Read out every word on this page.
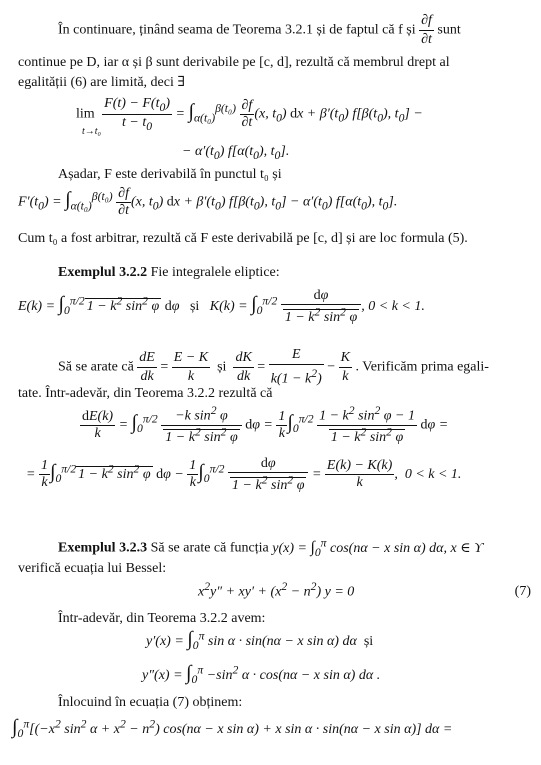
În continuare, ținând seama de Teorema 3.2.1 și de faptul că f și $\frac{\partial f}{\partial t}$ sunt
continue pe D, iar α și β sunt derivabile pe [c, d], rezultă că membrul drept al
egalității (6) are limită, deci ∃
$\lim \frac{F(t) - F(t_0)}{t - t_0} = \int_{\alpha(t_0)}^{\beta(t_0)} \frac{\partial f}{\partial t} (x$, $t_0$) dx + $\beta'(t_0)$ $f[\beta(t_0)$, $t_0$] −
t→t₀
− $\alpha'(t_0)$ $f[\alpha(t_0)$, $t_0$].
Așadar, F este derivabilă în punctul t₀ și
$F'(t_0) = \int_{\alpha(t_0)}^{\beta(t_0)} \frac{\partial f}{\partial t} (x$, $t_0$) dx + $\beta'(t_0)$ $f[\beta(t_0)$, $t_0] - \alpha'(t_0)$ $f[\alpha(t_0)$, $t_0$].
Cum t₀ a fost arbitrar, rezultă că F este derivabilă pe [c, d] și are loc formula (5).
Exemplul 3.2.2 Fie integralele eliptice:
$E(k) = \int_0^{\pi/2}$ $1 - k^2$ $\sin^2 \varphi$ dφ   și   $K(k) = \int_0^{\pi/2} \frac{d\varphi}{1 - k^2 \sin^2 \varphi}$ , 0 < k < 1.
Să se arate că $\frac{dE}{dk} = \frac{E - K}{k}$ și $\frac{dK}{dk} = \frac{E}{k(1 - k^2)} - \frac{K}{k}$ . Verificăm prima egali-
tate. Într-adevăr, din Teorema 3.2.2 rezultă că
$\frac{dE(k)}{k} = \int_0^{\pi/2} \frac{-k \sin^2 \varphi}{1 - k^2 \sin^2 \varphi}$ $d\varphi = \frac{1}{k} \int_0^{\pi/2} \frac{1 - k^2 \sin^2 \varphi - 1}{1 - k^2 \sin^2 \varphi}$ dφ =
= $\frac{1}{k} \int_0^{\pi/2}$ $1 - k^2$ $\sin^2 \varphi$ $d\varphi - \frac{1}{k} \int_0^{\pi/2} \frac{d\varphi}{1 - k^2 \sin^2 \varphi} = \frac{E(k) - K(k)}{k}$ ,  0 < k < 1.
Exemplul 3.2.3 Să se arate că funcția $y(x) = \int_0^\pi$ cos(nα − x sin α) dα, x ∈ ϒ
verifică ecuația lui Bessel:
$x^2y'' + xy' + (x^2 - n^2) y = 0$	(7)
Într-adevăr, din Teorema 3.2.2 avem:
$y'(x) = \int_0^\pi$ sin α · sin(nα − x sin α) dα  și
$y''(x) = \int_0^\pi -\sin^2$ α · cos(nα − x sin α) dα .
Înlocuind în ecuația (7) obținem:
$\int_0^\pi[(-x^2$ $\sin^2 \alpha + x^2 - n^2$) cos(nα − x sin α) + x sin α · sin(nα − x sin α)] dα =
